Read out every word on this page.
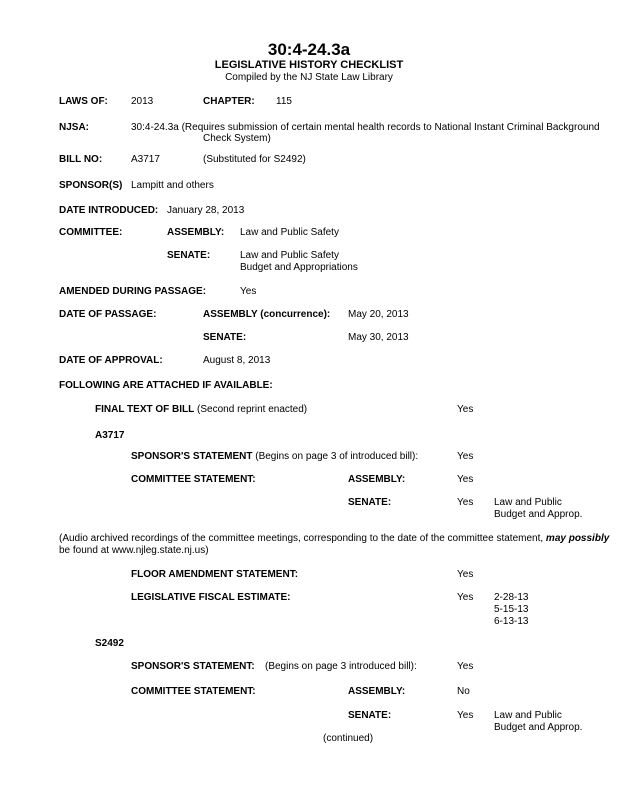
30:4-24.3a
LEGISLATIVE HISTORY CHECKLIST
Compiled by the NJ State Law Library
LAWS OF: 2013	CHAPTER: 115
NJSA:	30:4-24.3a (Requires submission of certain mental health records to National Instant Criminal Background
Check System)
BILL NO:	A3717	(Substituted for S2492)
SPONSOR(S) Lampitt and others
DATE INTRODUCED: January 28, 2013
COMMITTEE:	ASSEMBLY: Law and Public Safety
SENATE:	Law and Public Safety
Budget and Appropriations
AMENDED DURING PASSAGE:	Yes
DATE OF PASSAGE:	ASSEMBLY (concurrence): May 20, 2013
SENATE:	May 30, 2013
DATE OF APPROVAL:	August 8, 2013
FOLLOWING ARE ATTACHED IF AVAILABLE:
FINAL TEXT OF BILL (Second reprint enacted)	Yes
A3717
SPONSOR'S STATEMENT (Begins on page 3 of introduced bill):	Yes
COMMITTEE STATEMENT:	ASSEMBLY:	Yes
SENATE:	Yes Law and Public
Budget and Approp.
(Audio archived recordings of the committee meetings, corresponding to the date of the committee statement, may possibly
be found at www.njleg.state.nj.us)
FLOOR AMENDMENT STATEMENT:	Yes
LEGISLATIVE FISCAL ESTIMATE:	Yes 2-28-13
5-15-13
6-13-13
S2492
SPONSOR'S STATEMENT: (Begins on page 3 introduced bill):	Yes
COMMITTEE STATEMENT:	ASSEMBLY:	No
SENATE:	Yes Law and Public
Budget and Approp.
(continued)
